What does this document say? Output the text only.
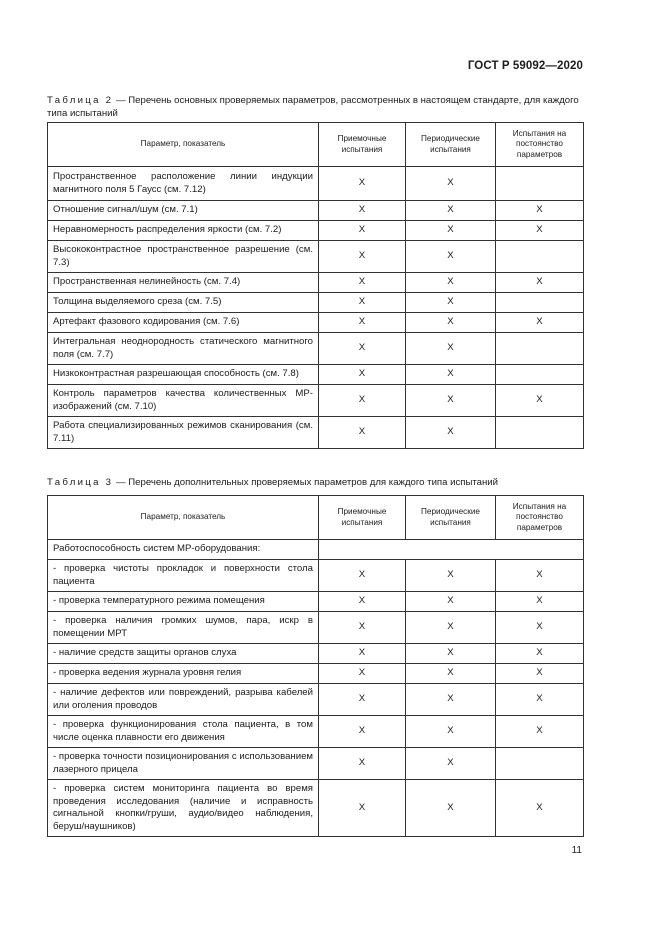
ГОСТ Р 59092—2020
Таблица 2 — Перечень основных проверяемых параметров, рассмотренных в настоящем стандарте, для каждого типа испытаний
Параметр, показатель	Приемочные испытания	Периодические испытания	Испытания на постоянство параметров
Пространственное расположение линии индукции магнитного поля 5 Гаусс (см. 7.12)	X	X	
Отношение сигнал/шум (см. 7.1)	X	X	X
Неравномерность распределения яркости (см. 7.2)	X	X	X
Высококонтрастное пространственное разрешение (см. 7.3)	X	X	
Пространственная нелинейность (см. 7.4)	X	X	X
Толщина выделяемого среза (см. 7.5)	X	X	
Артефакт фазового кодирования (см. 7.6)	X	X	X
Интегральная неоднородность статического магнитного поля (см. 7.7)	X	X	
Низкоконтрастная разрешающая способность (см. 7.8)	X	X	
Контроль параметров качества количественных МР-изображений (см. 7.10)	X	X	X
Работа специализированных режимов сканирования (см. 7.11)	X	X	
Таблица 3 — Перечень дополнительных проверяемых параметров для каждого типа испытаний
Параметр, показатель	Приемочные испытания	Периодические испытания	Испытания на постоянство параметров
Работоспособность систем МР-оборудования:			
- проверка чистоты прокладок и поверхности стола пациента	X	X	X
- проверка температурного режима помещения	X	X	X
- проверка наличия громких шумов, пара, искр в помещении МРТ	X	X	X
- наличие средств защиты органов слуха	X	X	X
- проверка ведения журнала уровня гелия	X	X	X
- наличие дефектов или повреждений, разрыва кабелей или оголения проводов	X	X	X
- проверка функционирования стола пациента, в том числе оценка плавности его движения	X	X	X
- проверка точности позиционирования с использованием лазерного прицела	X	X	
- проверка систем мониторинга пациента во время проведения исследования (наличие и исправность сигнальной кнопки/груши, аудио/видео наблюдения, беруш/наушников)	X	X	X
11
